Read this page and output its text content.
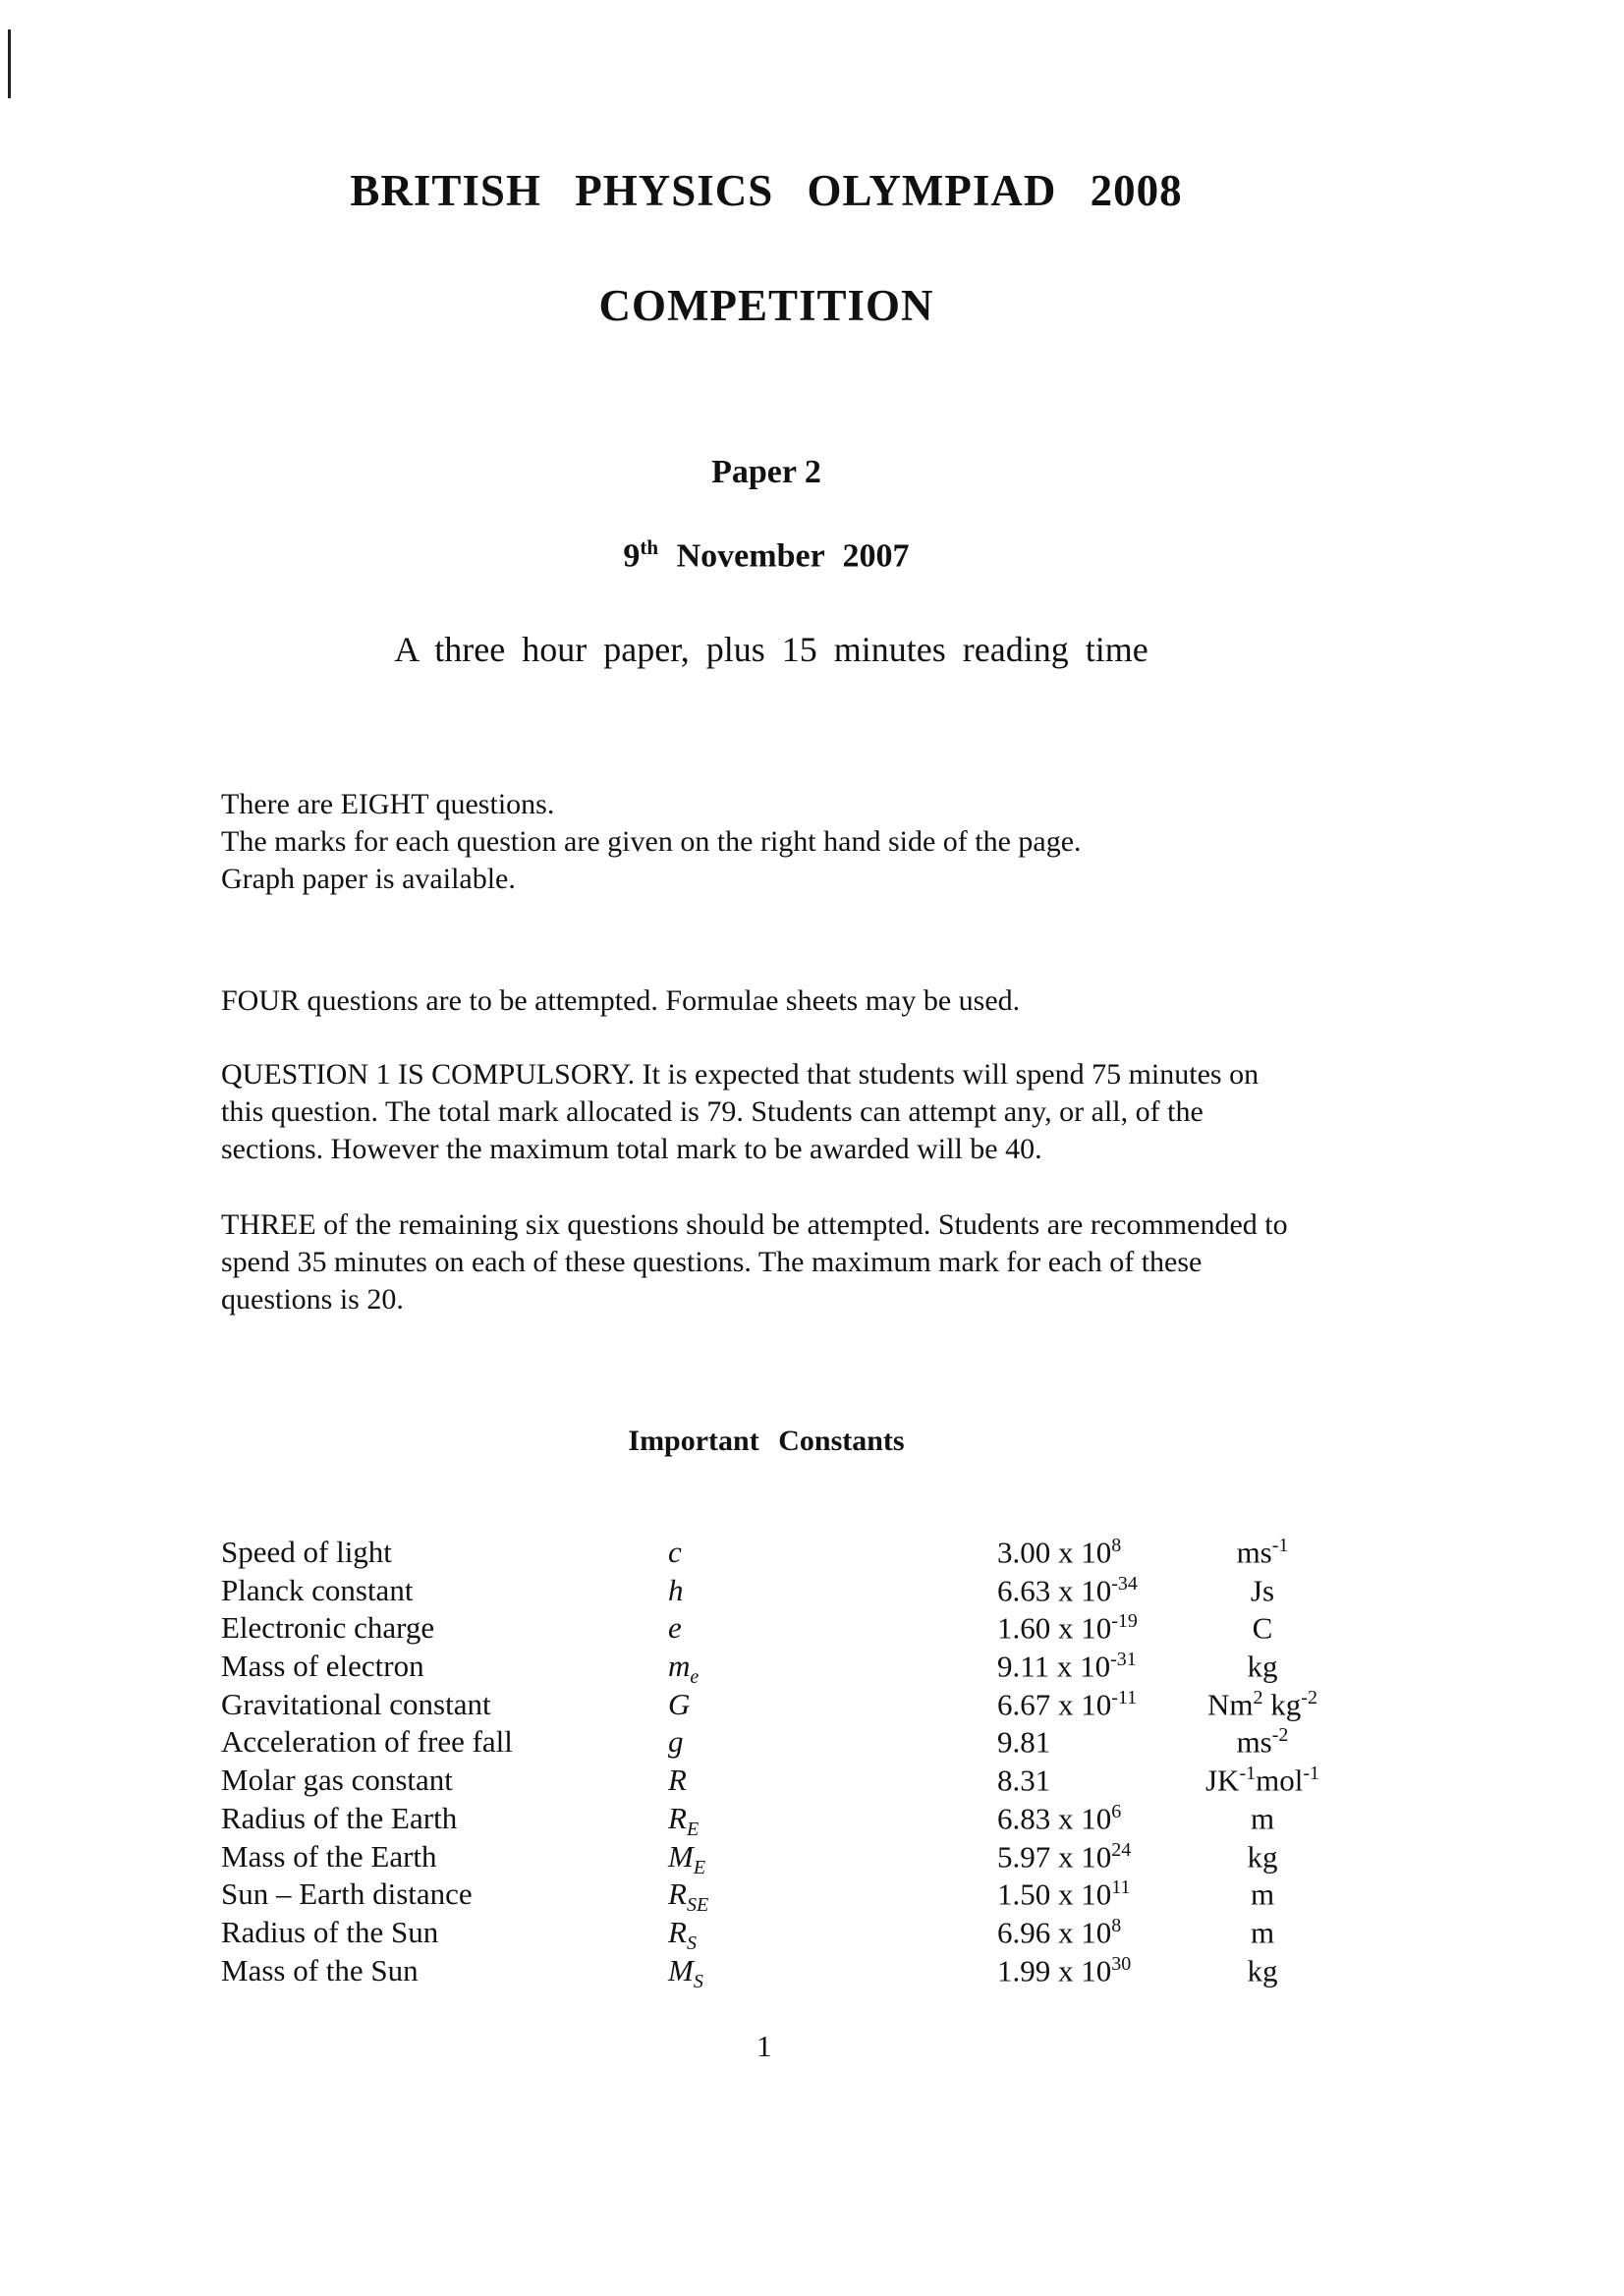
BRITISH PHYSICS OLYMPIAD 2008
COMPETITION
Paper 2
9th November 2007
A three hour paper, plus 15 minutes reading time

There are EIGHT questions.

The marks for each question are given on the right hand side of the page.

Graph paper is available.

FOUR questions are to be attempted. Formulae sheets may be used.

QUESTION 1 IS COMPULSORY. It is expected that students will spend 75 minutes on

this question. The total mark allocated is 79. Students can attempt any, or all, of the

sections. However the maximum total mark to be awarded will be 40.

THREE of the remaining six questions should be attempted. Students are recommended to

spend 35 minutes on each of these questions. The maximum mark for each of these

questions is 20.

Important Constants
Speed of light	c	3.00 x $10^8$	$ms^{-1}$
Planck constant	h	6.63 x $10^{-34}$	Js
Electronic charge	e	1.60 x $10^{-19}$	C
Mass of electron	$m_e$	9.11 x $10^{-31}$	kg
Gravitational constant	G	6.67 x $10^{-11}$	Nm$^2$ $kg^{-2}$
Acceleration of free fall	g	9.81	$ms^{-2}$
Molar gas constant	R	8.31	$JK^{-1}mol^{-1}$
Radius of the Earth	$R_E$	6.83 x $10^6$	m
Mass of the Earth	$M_E$	5.97 x $10^{24}$	kg
Sun – Earth distance	$R_{SE}$	1.50 x $10^{11}$	m
Radius of the Sun	$R_S$	6.96 x $10^8$	m
Mass of the Sun	$M_S$	1.99 x $10^{30}$	kg
1
